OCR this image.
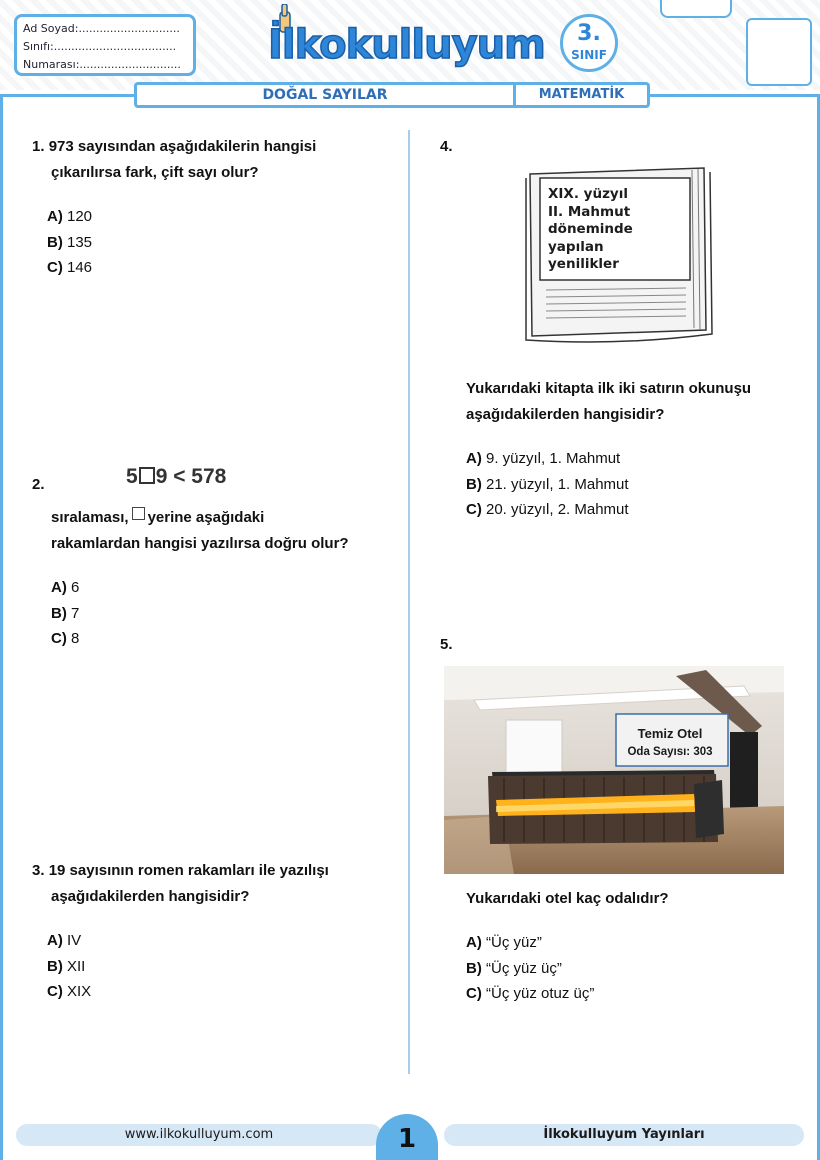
Ad Soyad:.............................
Sınıfı:...................................
Numarası:............................. İlkokulluyum	3.
SINIF
DOĞAL SAYILAR	MATEMATİK
1. 973 sayısından aşağıdakilerin hangisi
çıkarılırsa fark, çift sayı olur?
A) 120
B) 135
C) 146
2.	5 9 < 578
sıralaması, yerine aşağıdaki
rakamlardan hangisi yazılırsa doğru olur?
A) 6
B) 7
C) 8
3. 19 sayısının romen rakamları ile yazılışı
aşağıdakilerden hangisidir?
A) IV
B) XII
C) XIX
4.
XIX. yüzyıl
II. Mahmut
döneminde
yapılan
yenilikler
Yukarıdaki kitapta ilk iki satırın okunuşu
aşağıdakilerden hangisidir?
A) 9. yüzyıl, 1. Mahmut
B) 21. yüzyıl, 1. Mahmut
C) 20. yüzyıl, 2. Mahmut
5.
Temiz Otel
Oda Sayısı: 303
Yukarıdaki otel kaç odalıdır?
A) “Üç yüz”
B) “Üç yüz üç”
C) “Üç yüz otuz üç”
www.ilkokulluyum.com	1	İlkokulluyum Yayınları
